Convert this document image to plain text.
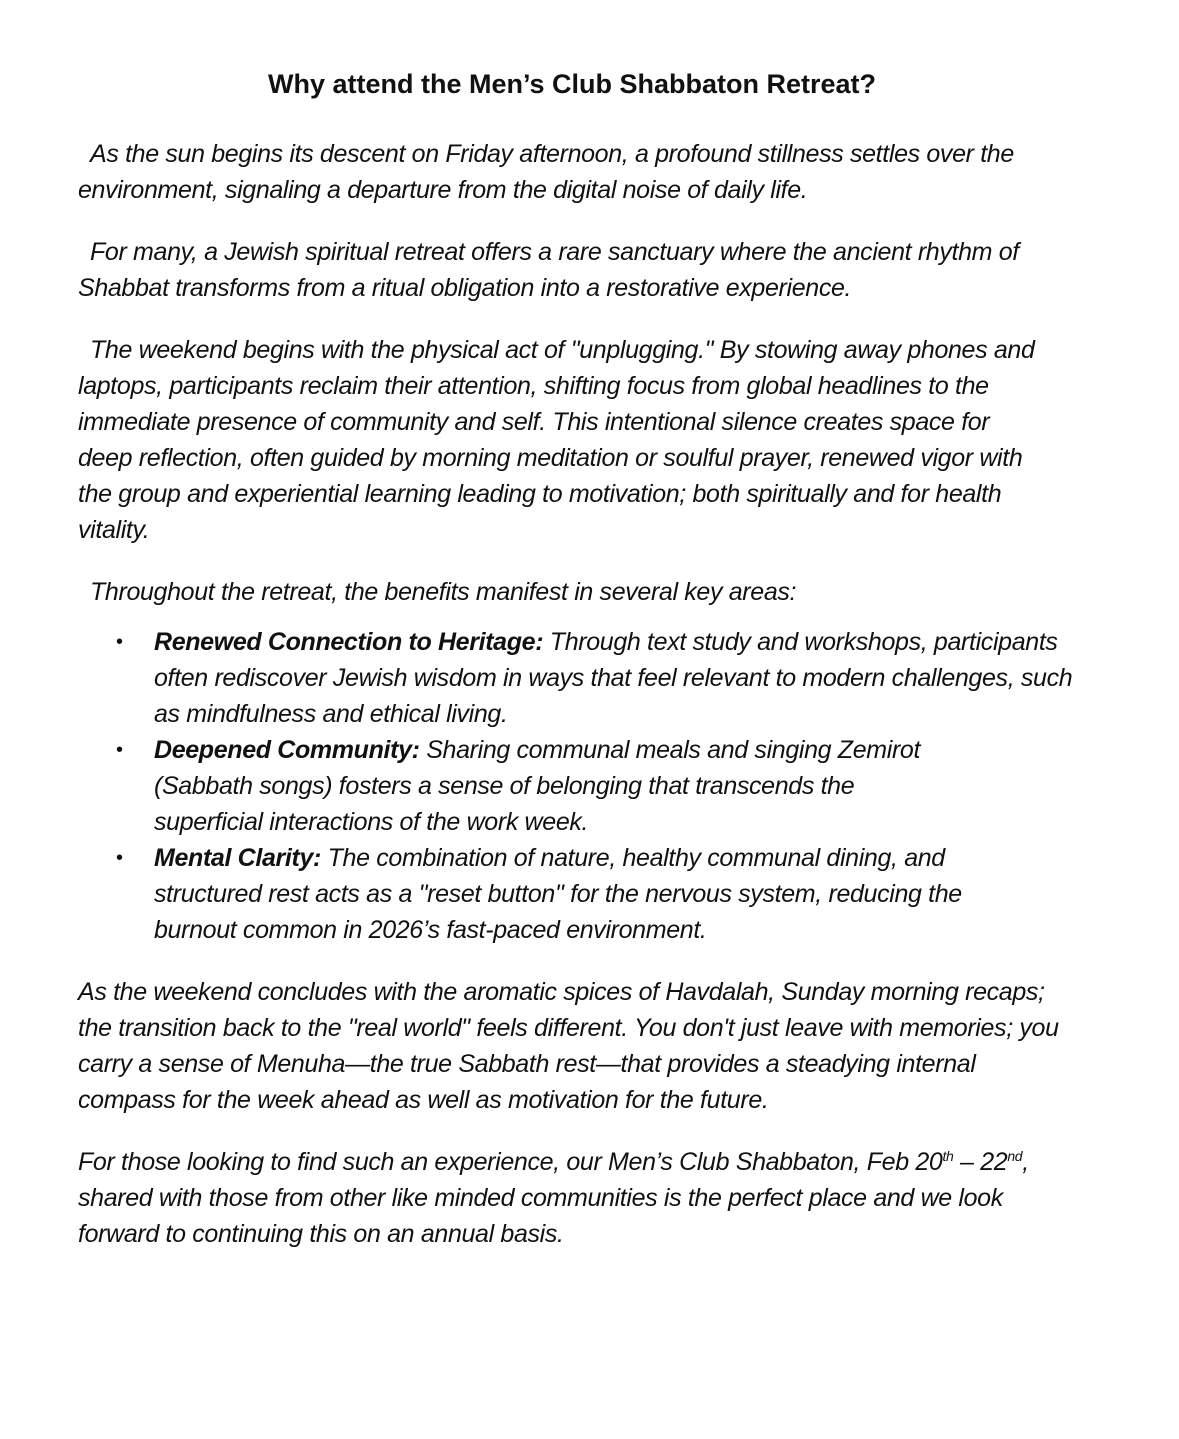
Why attend the Men’s Club Shabbaton Retreat?

As the sun begins its descent on Friday afternoon, a profound stillness settles over the environment, signaling a departure from the digital noise of daily life.

For many, a Jewish spiritual retreat offers a rare sanctuary where the ancient rhythm of Shabbat transforms from a ritual obligation into a restorative experience.

The weekend begins with the physical act of "unplugging." By stowing away phones and laptops, participants reclaim their attention, shifting focus from global headlines to the immediate presence of community and self. This intentional silence creates space for deep reflection, often guided by morning meditation or soulful prayer, renewed vigor with the group and experiential learning leading to motivation; both spiritually and for health vitality.

Throughout the retreat, the benefits manifest in several key areas:

• Renewed Connection to Heritage: Through text study and workshops, participants often rediscover Jewish wisdom in ways that feel relevant to modern challenges, such as mindfulness and ethical living.
• Deepened Community: Sharing communal meals and singing Zemirot (Sabbath songs) fosters a sense of belonging that transcends the superficial interactions of the work week.
• Mental Clarity: The combination of nature, healthy communal dining, and structured rest acts as a "reset button" for the nervous system, reducing the burnout common in 2026’s fast-paced environment.

As the weekend concludes with the aromatic spices of Havdalah, Sunday morning recaps; the transition back to the "real world" feels different. You don't just leave with memories; you carry a sense of Menuha—the true Sabbath rest—that provides a steadying internal compass for the week ahead as well as motivation for the future.

For those looking to find such an experience, our Men’s Club Shabbaton, Feb 20th – 22nd, shared with those from other like minded communities is the perfect place and we look forward to continuing this on an annual basis.
